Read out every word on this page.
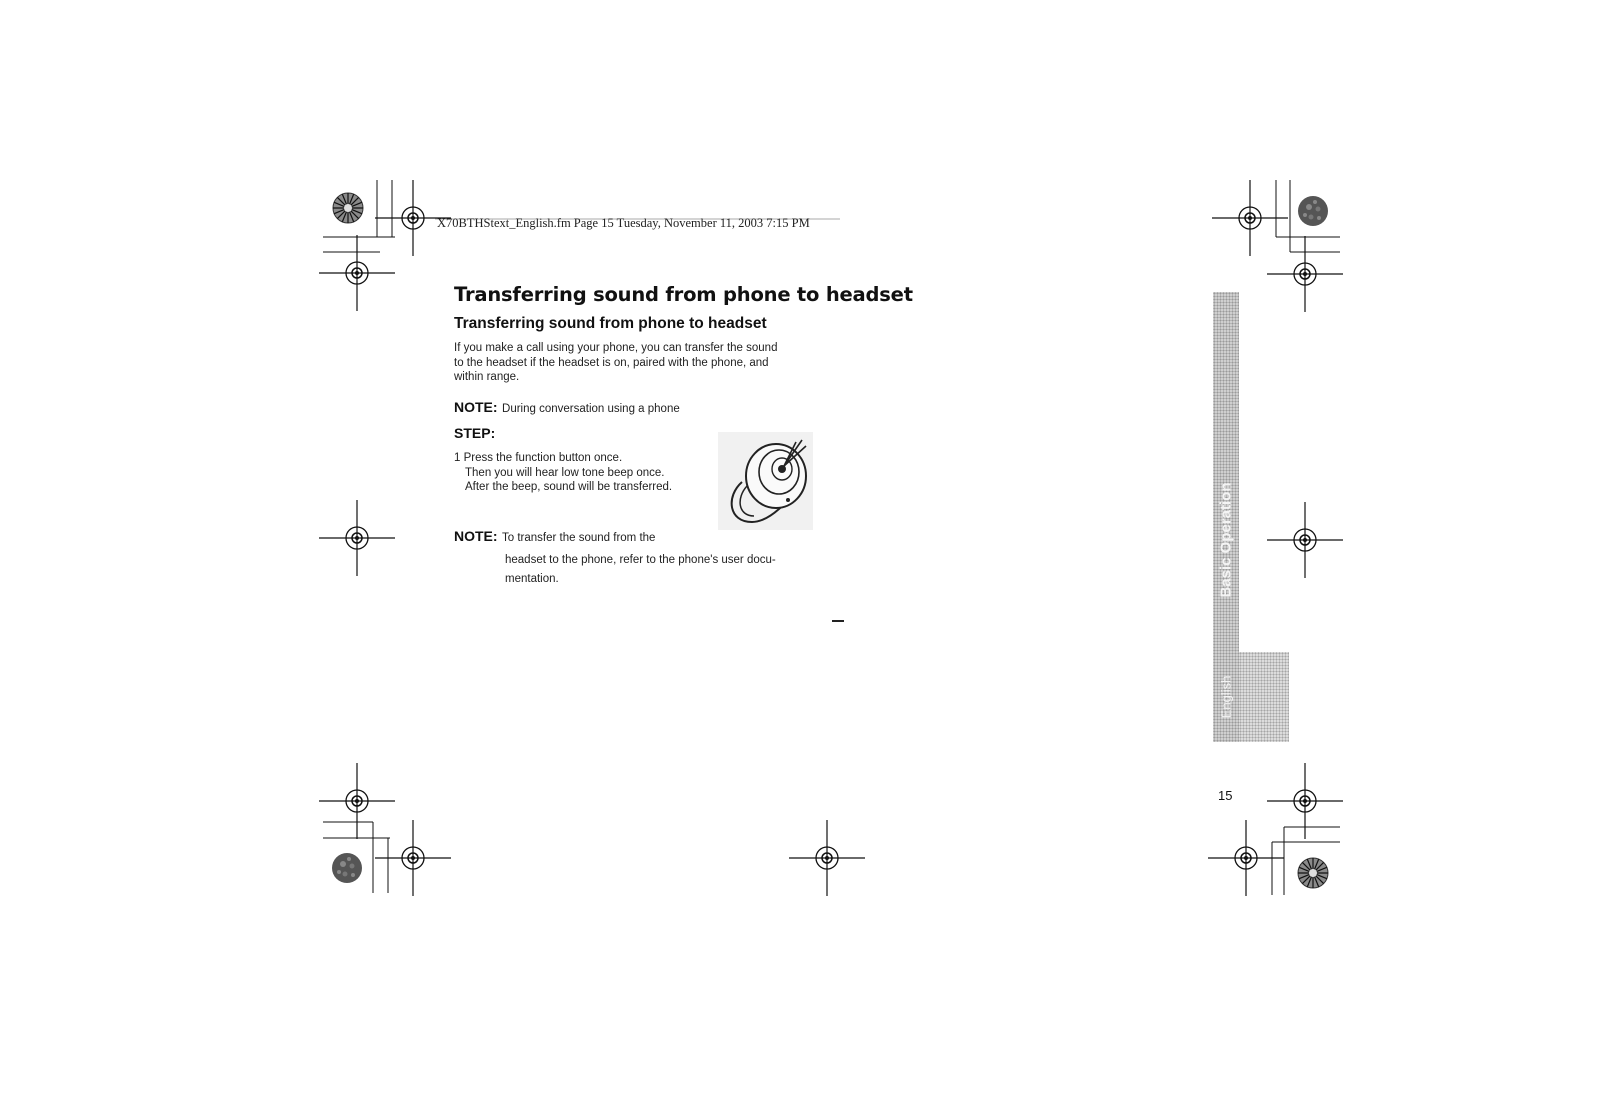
X70BTHStext_English.fm Page 15 Tuesday, November 11, 2003 7:15 PM
Transferring sound from phone to headset
Transferring sound from phone to headset
If you make a call using your phone, you can transfer the sound
to the headset if the headset is on, paired with the phone, and
within range.
NOTE: During conversation using a phone
STEP:
1 Press the function button once.
Then you will hear low tone beep once.
After the beep, sound will be transferred.
NOTE: To transfer the sound from the
headset to the phone, refer to the phone's user docu-
mentation.	Basic Operation
English
15
